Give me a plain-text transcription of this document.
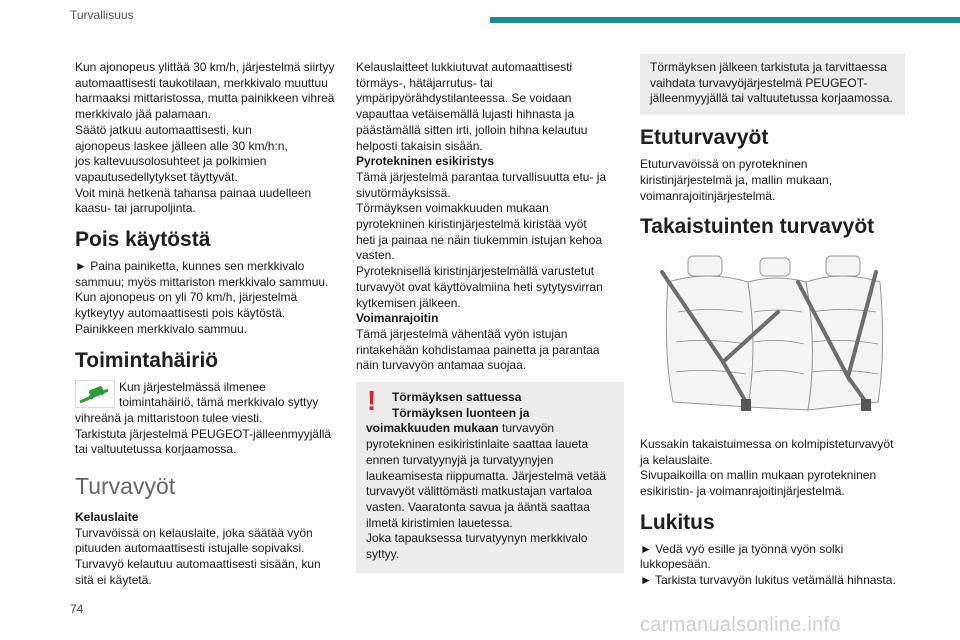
Turvallisuus

Kun ajonopeus ylittää 30 km/h, järjestelmä siirtyy
automaattisesti taukotilaan, merkkivalo muuttuu
harmaaksi mittaristossa, mutta painikkeen vihreä
merkkivalo jää palamaan.
Säätö jatkuu automaattisesti, kun
ajonopeus laskee jälleen alle 30 km/h:n,
jos kaltevuusolosuhteet ja polkimien
vapautusedellytykset täyttyvät.
Voit minä hetkenä tahansa painaa uudelleen
kaasu- tai jarrupoljinta.

Pois käytöstä

► Paina painiketta, kunnes sen merkkivalo
sammuu; myös mittariston merkkivalo sammuu.
Kun ajonopeus on yli 70 km/h, järjestelmä
kytkeytyy automaattisesti pois käytöstä.
Painikkeen merkkivalo sammuu.

Toimintahäiriö

Kun järjestelmässä ilmenee
toimintahäiriö, tämä merkkivalo syttyy

vihreänä ja mittaristoon tulee viesti.
Tarkistuta järjestelmä PEUGEOT-jälleenmyyjällä
tai valtuutetussa korjaamossa.

Turvavyöt

Kelauslaite
Turvavöissä on kelauslaite, joka säätää vyön
pituuden automaattisesti istujalle sopivaksi.
Turvavyö kelautuu automaattisesti sisään, kun
sitä ei käytetä.

Kelauslaitteet lukkiutuvat automaattisesti
törmäys-, hätäjarrutus- tai
ympäripyörähdystilanteessa. Se voidaan
vapauttaa vetäisemällä lujasti hihnasta ja
päästämällä sitten irti, jolloin hihna kelautuu
helposti takaisin sisään.

Pyrotekninen esikiristys
Tämä järjestelmä parantaa turvallisuutta etu- ja
sivutörmäyksissä.
Törmäyksen voimakkuuden mukaan
pyrotekninen kiristinjärjestelmä kiristää vyöt
heti ja painaa ne näin tiukemmin istujan kehoa
vasten.
Pyroteknisellä kiristinjärjestelmällä varustetut
turvavyöt ovat käyttövalmiina heti sytytysvirran
kytkemisen jälkeen.

Voimanrajoitin
Tämä järjestelmä vähentää vyön istujan
rintakehään kohdistamaa painetta ja parantaa
näin turvavyön antamaa suojaa.

!	Törmäyksen sattuessa
Törmäyksen luonteen ja
voimakkuuden mukaan turvavyön
pyrotekninen esikiristinlaite saattaa laueta
ennen turvatyynyjä ja turvatyynyjen
laukeamisesta riippumatta. Järjestelmä vetää
turvavyöt välittömästi matkustajan vartaloa
vasten. Vaaratonta savua ja ääntä saattaa
ilmetä kiristimien lauetessa.
Joka tapauksessa turvatyynyn merkkivalo
syttyy.
Törmäyksen jälkeen tarkistuta ja tarvittaessa
vaihdata turvavyöjärjestelmä PEUGEOT-
jälleenmyyjällä tai valtuutetussa korjaamossa.
Etuturvavyöt

Etuturvavöissä on pyrotekninen
kiristinjärjestelmä ja, mallin mukaan,
voimanrajoitinjärjestelmä.

Takaistuinten turvavyöt

Kussakin takaistuimessa on kolmipisteturvavyöt
ja kelauslaite.
Sivupaikoilla on mallin mukaan pyrotekninen
esikiristin- ja voimanrajoitinjärjestelmä.

Lukitus

► Vedä vyö esille ja työnnä vyön solki
lukkopesään.
► Tarkista turvavyön lukitus vetämällä hihnasta.

74
carmanualsonline.info
